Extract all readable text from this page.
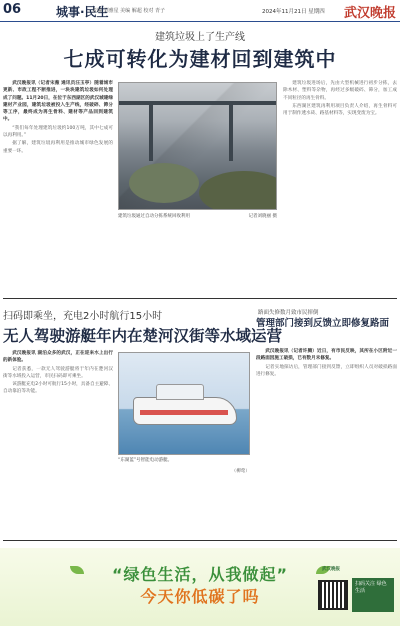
06	城事·民生
责编 刘雅星 美编 解超 校对 青子	2024年11月21日 星期四 武汉晚报
建筑垃圾上了生产线
七成可转化为建材回到建筑中

武汉晚报讯（记者宋薇 通讯员汪玉亭）随着城市更新、市政工程不断推进，一块块建筑垃圾如何处理成了问题。11月20日，在位于东西湖区的武汉城建绿建材产业园，建筑垃圾被投入生产线，经破碎、筛分等工序，最终成为再生骨料、建材等产品回到建筑中。

“我们每年处理建筑垃圾约100万吨，其中七成可以再利用。”

据了解，建筑垃圾再利用是推动城市绿色发展的重要一环。

建筑垃圾通过自动分拣系统回收利用	记者刘晓丽 摄

建筑垃圾进场后，先由大型机械进行初步分拣，去除木材、塑料等杂物，再经过多级破碎、筛分，加工成不同粒径的再生骨料。

东西湖区建筑再利用项目负责人介绍，再生骨料可用于制作透水砖、路基材料等，实现变废为宝。

扫码即乘坐，充电2小时航行15小时
无人驾驶游艇年内在楚河汉街等水域运营
路面失修数月致市民摔倒
管理部门接到反馈立即修复路面

武汉晚报讯 湖泊众多的武汉，正在迎来水上出行的新体验。

记者获悉，一款无人驾驶游艇将于年内在楚河汉街等水域投入运营，市民扫码即可乘坐。

该游艇充电2小时可航行15小时，具备自主避障、自动靠泊等功能。

“东湖蓝”号智能电动游艇。

（柳莺）

武汉晚报讯（记者许腾）近日，有市民反映，其所在小区附近一段路面因施工破损，已有数月未修复。

记者实地探访后，管理部门接到反馈，立即组织人员对破损路面进行修复。

“绿色生活，从我做起”
今天你低碳了吗
武汉晚报
扫码关注 绿色生活
